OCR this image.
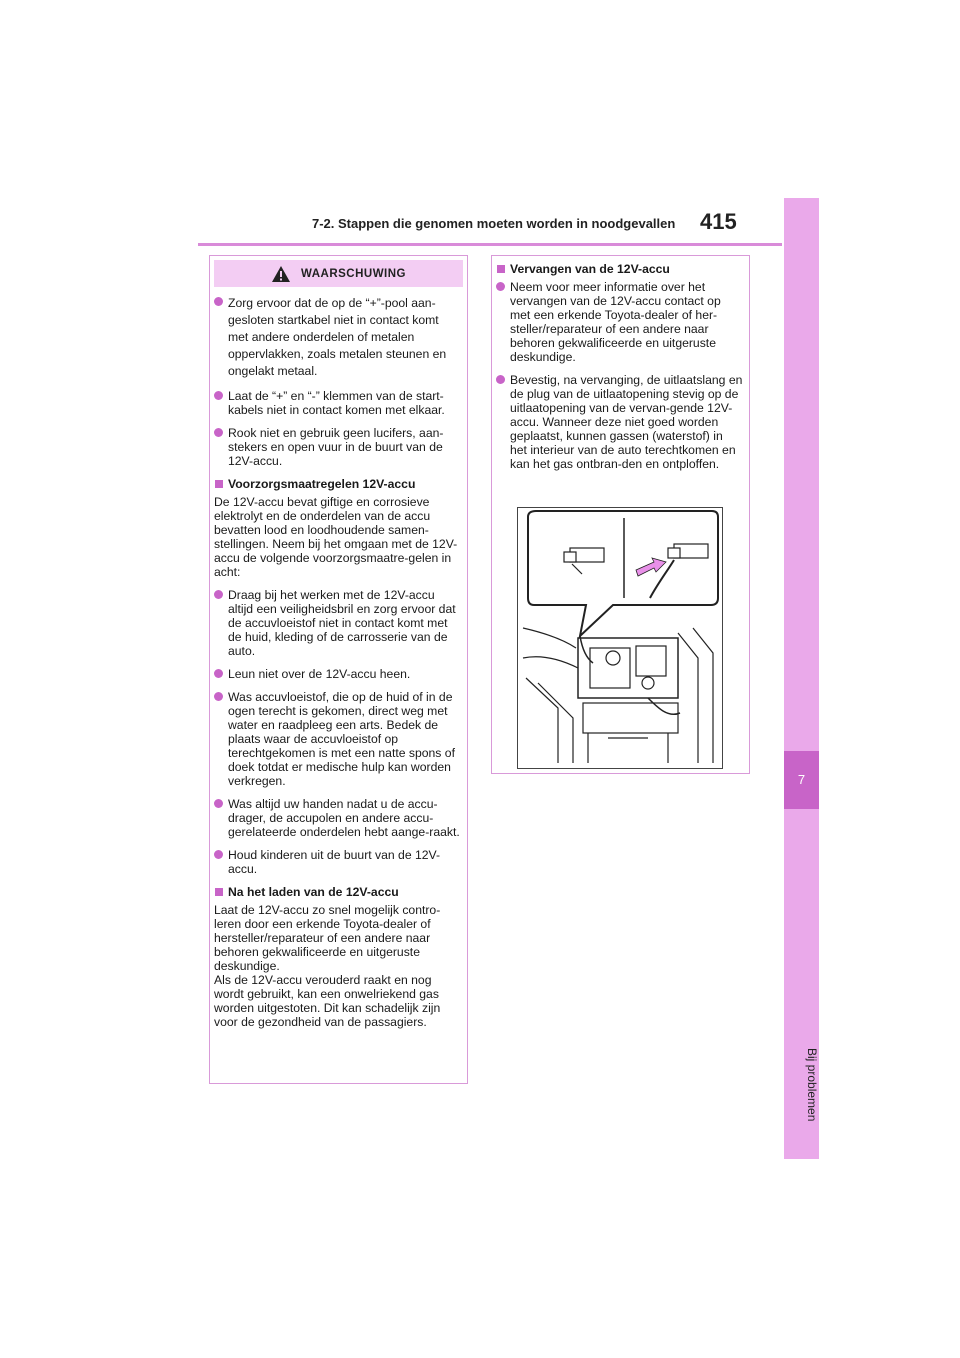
7-2. Stappen die genomen moeten worden in noodgevallen 415
7
Bij problemen
WAARSCHUWING
Zorg ervoor dat de op de “+”-pool aan-gesloten startkabel niet in contact komt met andere onderdelen of metalen oppervlakken, zoals metalen steunen en ongelakt metaal.
Laat de “+” en “-” klemmen van de start-kabels niet in contact komen met elkaar.
Rook niet en gebruik geen lucifers, aan-stekers en open vuur in de buurt van de 12V-accu.
Voorzorgsmaatregelen 12V-accu
De 12V-accu bevat giftige en corrosieve elektrolyt en de onderdelen van de accu bevatten lood en loodhoudende samen-stellingen. Neem bij het omgaan met de 12V-accu de volgende voorzorgsmaatre-gelen in acht:
Draag bij het werken met de 12V-accu altijd een veiligheidsbril en zorg ervoor dat de accuvloeistof niet in contact komt met de huid, kleding of de carrosserie van de auto.
Leun niet over de 12V-accu heen.
Was accuvloeistof, die op de huid of in de ogen terecht is gekomen, direct weg met water en raadpleeg een arts. Bedek de plaats waar de accuvloeistof op terechtgekomen is met een natte spons of doek totdat er medische hulp kan worden verkregen.
Was altijd uw handen nadat u de accu-drager, de accupolen en andere accu-gerelateerde onderdelen hebt aange-raakt.
Houd kinderen uit de buurt van de 12V-accu.
Na het laden van de 12V-accu
Laat de 12V-accu zo snel mogelijk contro-leren door een erkende Toyota-dealer of hersteller/reparateur of een andere naar behoren gekwalificeerde en uitgeruste deskundige.
Als de 12V-accu verouderd raakt en nog wordt gebruikt, kan een onwelriekend gas worden uitgestoten. Dit kan schadelijk zijn voor de gezondheid van de passagiers.
Vervangen van de 12V-accu
Neem voor meer informatie over het vervangen van de 12V-accu contact op met een erkende Toyota-dealer of her-steller/reparateur of een andere naar behoren gekwalificeerde en uitgeruste deskundige.
Bevestig, na vervanging, de uitlaatslang en de plug van de uitlaatopening stevig op de uitlaatopening van de vervan-gende 12V-accu. Wanneer deze niet goed worden geplaatst, kunnen gassen (waterstof) in het interieur van de auto terechtkomen en kan het gas ontbran-den en ontploffen.
